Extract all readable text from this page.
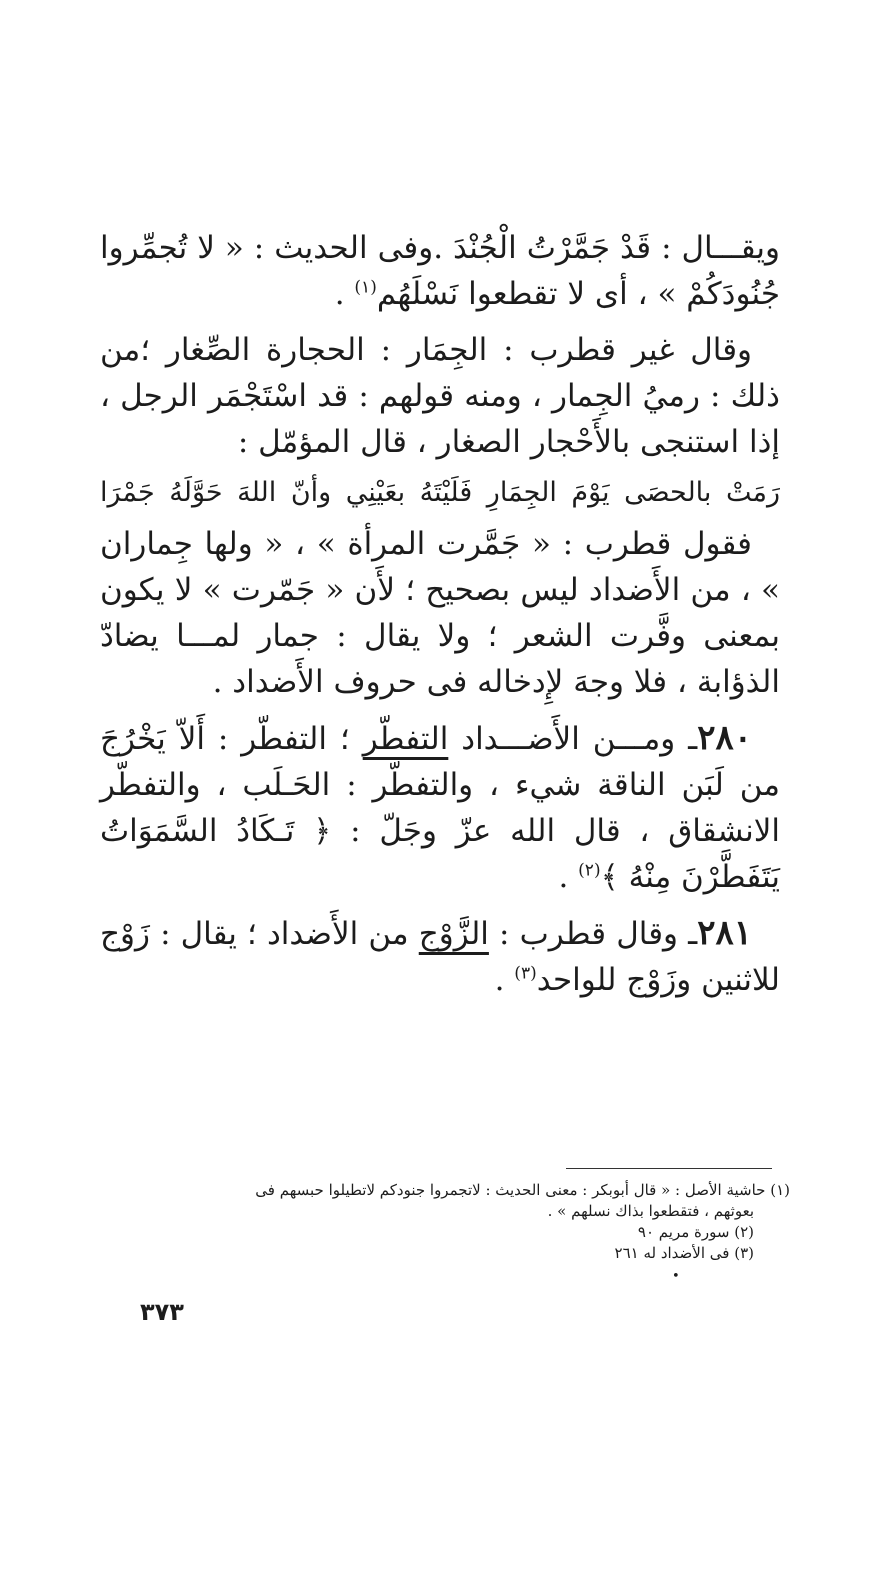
ويقـــال : قَدْ جَمَّرْتُ الْجُنْدَ .وفى الحديث : « لا تُجمِّروا جُنُودَكُمْ » ، أى لا تقطعوا نَسْلَهُم$^{(١)}$ .

وقال غير قطرب : الجِمَار : الحجارة الصِّغار ؛من ذلك : رميُ الجِمار ، ومنه قولهم : قد اسْتَجْمَر الرجل ، إذا استنجى بالأَحْجار الصغار ، قال المؤمّل :

رَمَتْ بالحصَى يَوْمَ الجِمَارِ فَلَيْتَهُ بعَيْنِي وأنّ اللهَ حَوَّلَهُ جَمْرَا

فقول قطرب : « جَمَّرت المرأة » ، « ولها جِماران » ، من الأَضداد ليس بصحيح ؛ لأَن « جَمّرت » لا يكون بمعنى وفَّرت الشعر ؛ ولا يقال : جمار لمـــا يضادّ الذؤابة ، فلا وجهَ لإِدخاله فى حروف الأَضداد .

٢٨٠ـ ومـــن الأَضـــداد التفطّر ؛ التفطّر : أَلاّ يَخْرُجَ من لَبَن الناقة شيء ، والتفطّر : الحَـلَب ، والتفطّر الانشقاق ، قال الله عزّ وجَلّ : ﴿ تَـكَادُ السَّمَوَاتُ يَتَفَطَّرْنَ مِنْهُ ﴾$^{(٢)}$ .

٢٨١ـ وقال قطرب : الزَّوْج من الأَضداد ؛ يقال : زَوْج للاثنين وزَوْج للواحد$^{(٣)}$ .

(١) حاشية الأصل : « قال أبوبكر : معنى الحديث : لاتجمروا جنودكم لاتطيلوا حبسهم فى
بعوثهم ، فتقطعوا بذاك نسلهم » .
(٢) سورة مريم ٩٠
(٣) فى الأضداد له ٢٦١
•
٣٧٣
